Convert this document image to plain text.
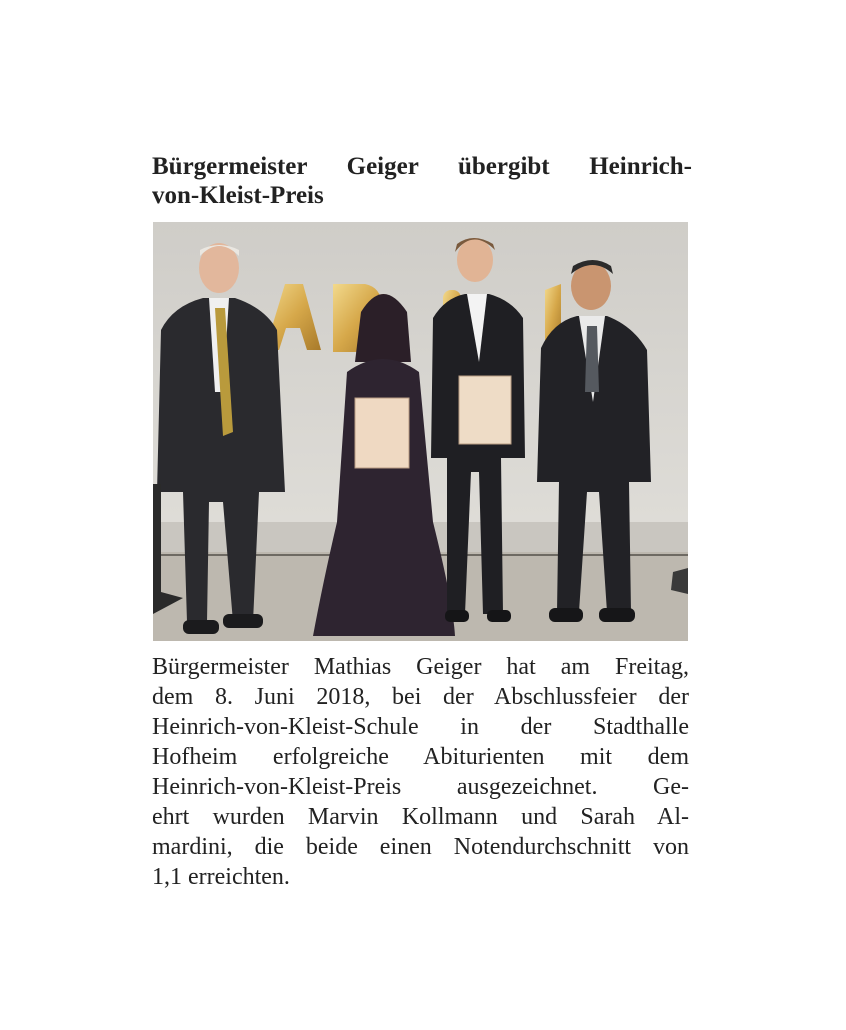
Bürgermeister Geiger übergibt Heinrich-
von-Kleist-Preis
Bürgermeister Mathias Geiger hat am Freitag,
dem 8. Juni 2018, bei der Abschlussfeier der
Heinrich-von-Kleist-Schule in der Stadthalle
Hofheim erfolgreiche Abiturienten mit dem
Heinrich-von-Kleist-Preis ausgezeichnet. Ge-
ehrt wurden Marvin Kollmann und Sarah Al-
mardini, die beide einen Notendurchschnitt von
1,1 erreichten.
